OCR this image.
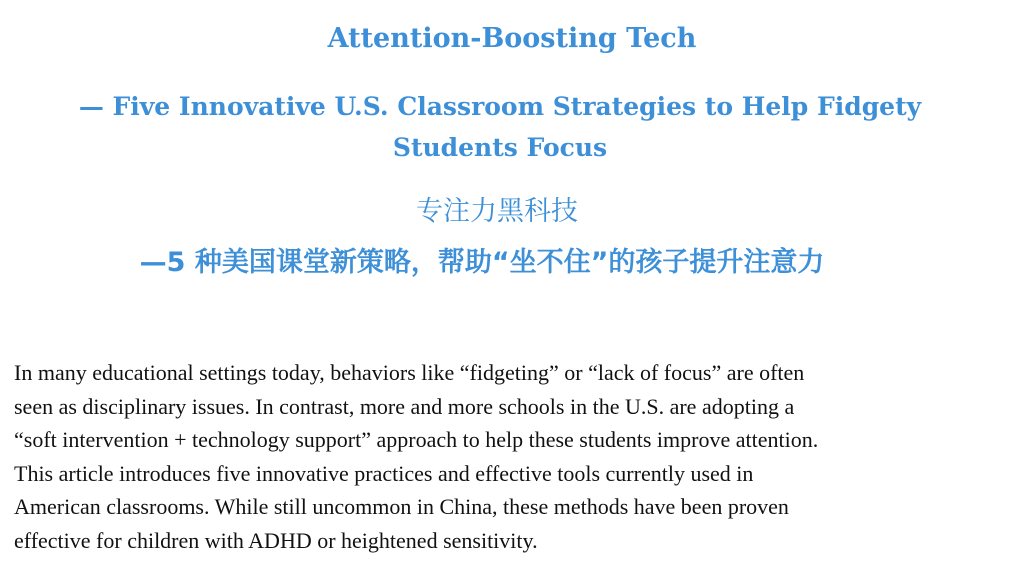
Attention-Boosting Tech
— Five Innovative U.S. Classroom Strategies to Help Fidgety Students Focus
专注力黑科技
—5 种美国课堂新策略，帮助“坐不住”的孩子提升注意力

In many educational settings today, behaviors like “fidgeting” or “lack of focus” are often
seen as disciplinary issues. In contrast, more and more schools in the U.S. are adopting a
“soft intervention + technology support” approach to help these students improve attention.
This article introduces five innovative practices and effective tools currently used in
American classrooms. While still uncommon in China, these methods have been proven
effective for children with ADHD or heightened sensitivity.
